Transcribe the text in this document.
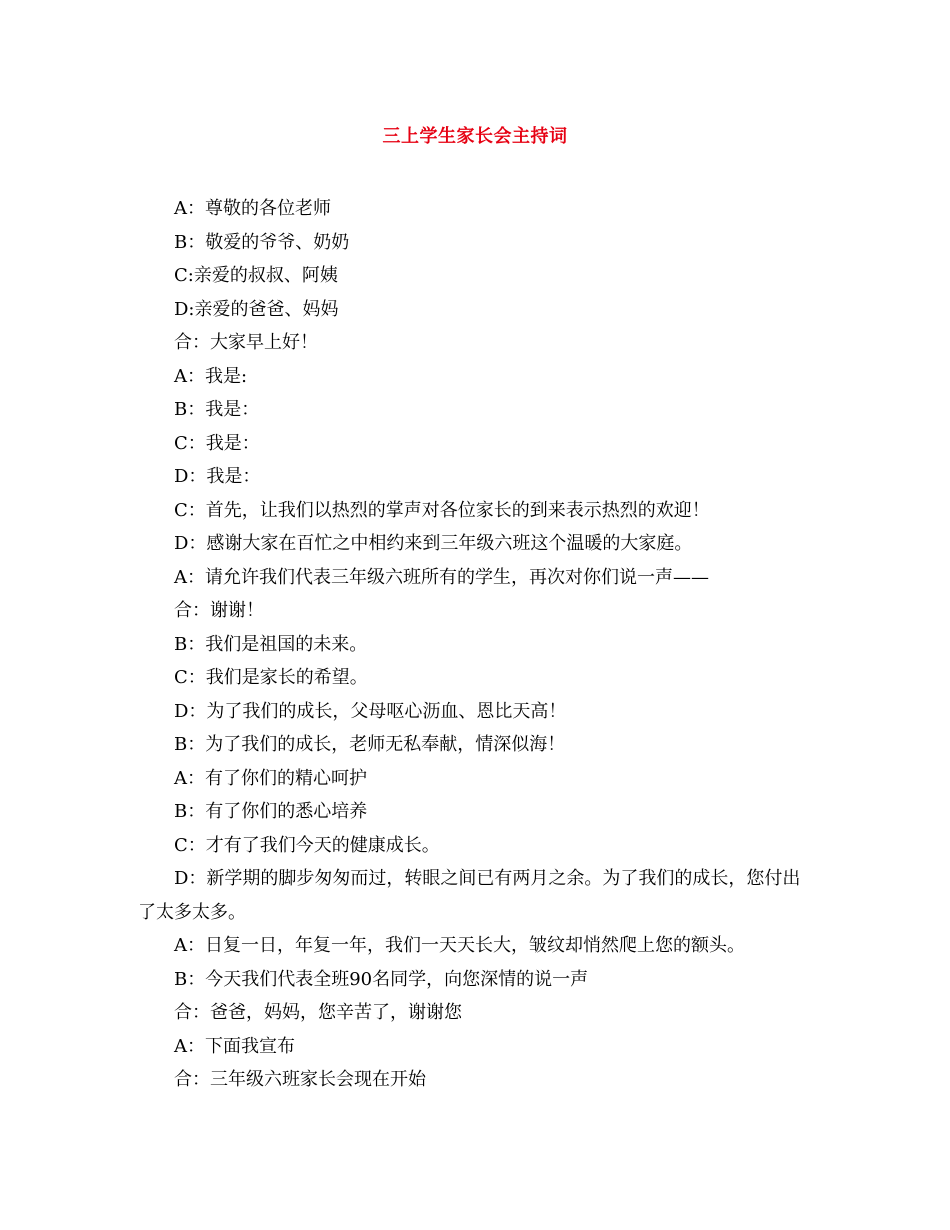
三上学生家长会主持词
A：尊敬的各位老师
B：敬爱的爷爷、奶奶
C:亲爱的叔叔、阿姨
D:亲爱的爸爸、妈妈
合：大家早上好！
A：我是:
B：我是：
C：我是：
D：我是：
C：首先，让我们以热烈的掌声对各位家长的到来表示热烈的欢迎！
D：感谢大家在百忙之中相约来到三年级六班这个温暖的大家庭。
A：请允许我们代表三年级六班所有的学生，再次对你们说一声——
合：谢谢！
B：我们是祖国的未来。
C：我们是家长的希望。
D：为了我们的成长，父母呕心沥血、恩比天高！
B：为了我们的成长，老师无私奉献，情深似海！
A：有了你们的精心呵护
B：有了你们的悉心培养
C：才有了我们今天的健康成长。
D：新学期的脚步匆匆而过，转眼之间已有两月之余。为了我们的成长，您付出了太多太多。
A：日复一日，年复一年，我们一天天长大，皱纹却悄然爬上您的额头。
B：今天我们代表全班90名同学，向您深情的说一声
合：爸爸，妈妈，您辛苦了，谢谢您
A：下面我宣布
合：三年级六班家长会现在开始
